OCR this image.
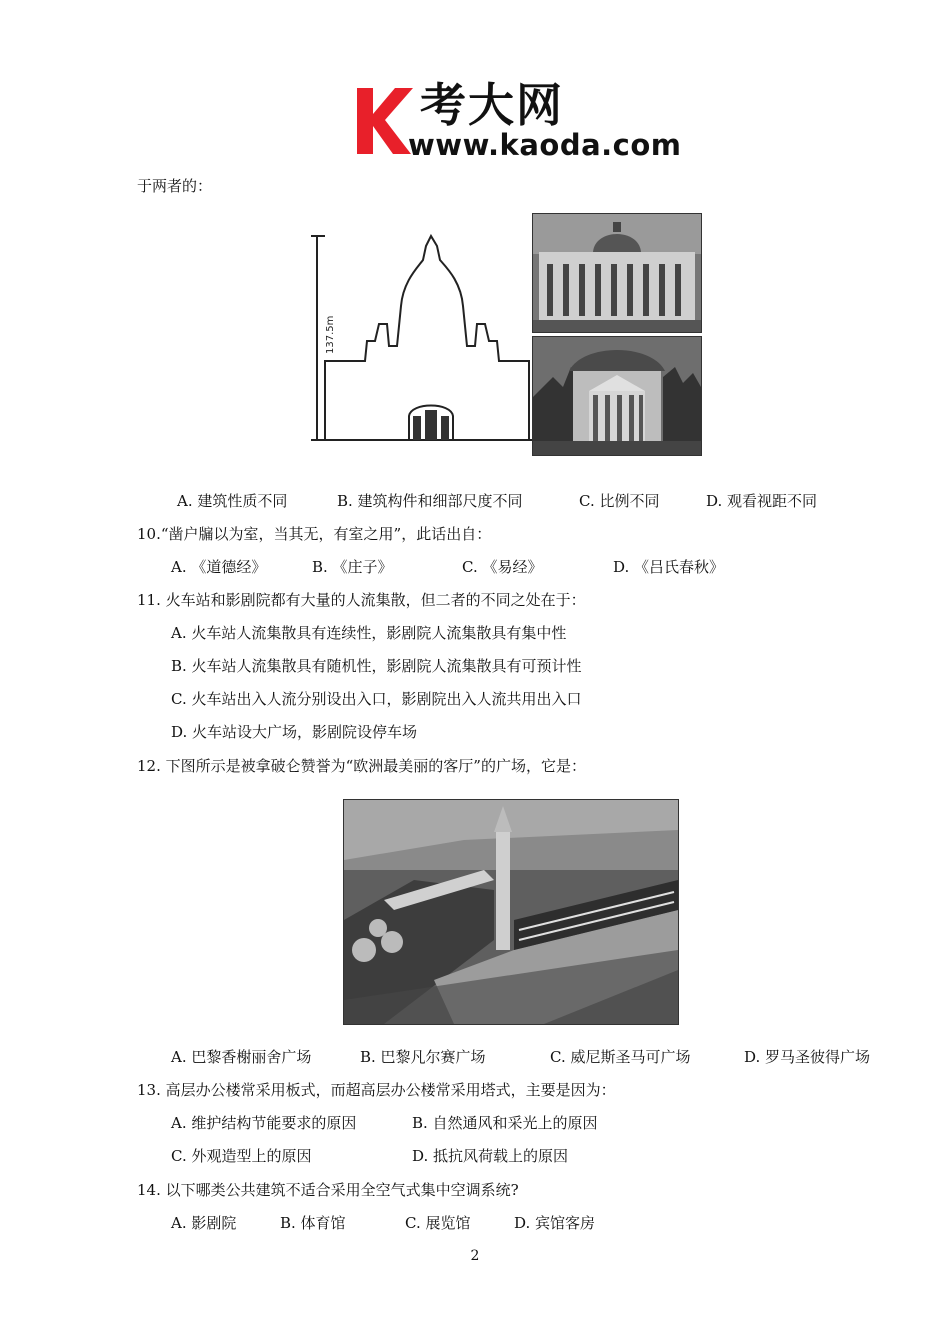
考大网
www.kaoda.com
于两者的：
137.5m
A. 建筑性质不同	B. 建筑构件和细部尺度不同	C. 比例不同	D. 观看视距不同
10.“凿户牖以为室，当其无，有室之用”，此话出自：
A. 《道德经》	B. 《庄子》	C. 《易经》	D. 《吕氏春秋》
11. 火车站和影剧院都有大量的人流集散，但二者的不同之处在于：
A. 火车站人流集散具有连续性，影剧院人流集散具有集中性
B. 火车站人流集散具有随机性，影剧院人流集散具有可预计性
C. 火车站出入人流分别设出入口，影剧院出入人流共用出入口
D. 火车站设大广场，影剧院设停车场
12. 下图所示是被拿破仑赞誉为“欧洲最美丽的客厅”的广场，它是：
A. 巴黎香榭丽舍广场	B. 巴黎凡尔赛广场	C. 威尼斯圣马可广场	D. 罗马圣彼得广场
13. 高层办公楼常采用板式，而超高层办公楼常采用塔式，主要是因为：
A. 维护结构节能要求的原因	B. 自然通风和采光上的原因
C. 外观造型上的原因	D. 抵抗风荷载上的原因
14. 以下哪类公共建筑不适合采用全空气式集中空调系统?
A. 影剧院	B. 体育馆	C. 展览馆	D. 宾馆客房
2
